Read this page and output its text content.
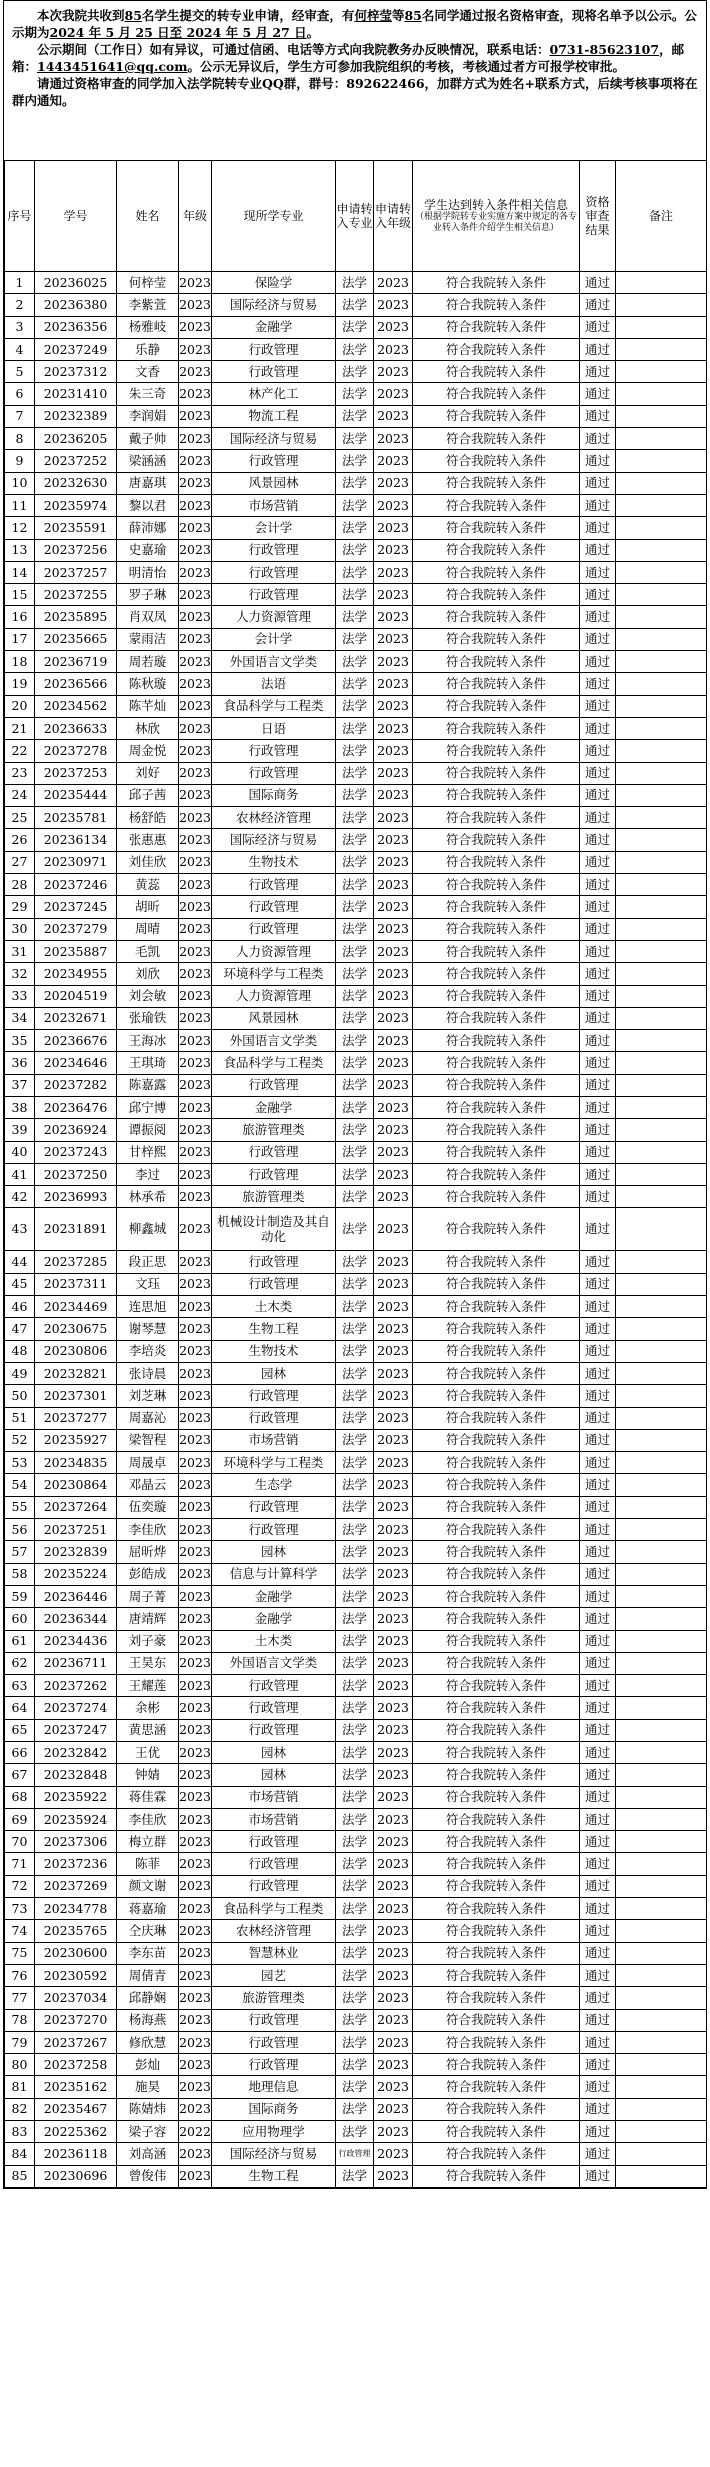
  本次我院共收到85名学生提交的转专业申请，经审查，有何梓莹等85名同学通过报名资格审查，现将名单予以公示。公示期为2024 年 5 月 25 日至 2024 年 5 月 27 日。

  公示期间（工作日）如有异议，可通过信函、电话等方式向我院教务办反映情况，联系电话：0731-85623107，邮箱：1443451641@qq.com。公示无异议后，学生方可参加我院组织的考核，考核通过者方可报学校审批。

  请通过资格审查的同学加入法学院转专业QQ群，群号：892622466，加群方式为姓名+联系方式，后续考核事项将在群内通知。

序号	学号	姓名	年级	现所学专业	申请转入专业	申请转入年级	学生达到转入条件相关信息
（根据学院转专业实施方案中规定的各专业转入条件介绍学生相关信息）	资格审查结果	备注
1	20236025	何梓莹	2023	保险学	法学	2023	符合我院转入条件	通过	
2	20236380	李紫萱	2023	国际经济与贸易	法学	2023	符合我院转入条件	通过	
3	20236356	杨雅岐	2023	金融学	法学	2023	符合我院转入条件	通过	
4	20237249	乐静	2023	行政管理	法学	2023	符合我院转入条件	通过	
5	20237312	文香	2023	行政管理	法学	2023	符合我院转入条件	通过	
6	20231410	朱三奇	2023	林产化工	法学	2023	符合我院转入条件	通过	
7	20232389	李润娟	2023	物流工程	法学	2023	符合我院转入条件	通过	
8	20236205	戴子帅	2023	国际经济与贸易	法学	2023	符合我院转入条件	通过	
9	20237252	梁涵涵	2023	行政管理	法学	2023	符合我院转入条件	通过	
10	20232630	唐嘉琪	2023	风景园林	法学	2023	符合我院转入条件	通过	
11	20235974	黎以君	2023	市场营销	法学	2023	符合我院转入条件	通过	
12	20235591	薛沛娜	2023	会计学	法学	2023	符合我院转入条件	通过	
13	20237256	史嘉瑜	2023	行政管理	法学	2023	符合我院转入条件	通过	
14	20237257	明清怡	2023	行政管理	法学	2023	符合我院转入条件	通过	
15	20237255	罗子琳	2023	行政管理	法学	2023	符合我院转入条件	通过	
16	20235895	肖双凤	2023	人力资源管理	法学	2023	符合我院转入条件	通过	
17	20235665	蒙雨洁	2023	会计学	法学	2023	符合我院转入条件	通过	
18	20236719	周若璇	2023	外国语言文学类	法学	2023	符合我院转入条件	通过	
19	20236566	陈秋璇	2023	法语	法学	2023	符合我院转入条件	通过	
20	20234562	陈芊灿	2023	食品科学与工程类	法学	2023	符合我院转入条件	通过	
21	20236633	林欣	2023	日语	法学	2023	符合我院转入条件	通过	
22	20237278	周金悦	2023	行政管理	法学	2023	符合我院转入条件	通过	
23	20237253	刘好	2023	行政管理	法学	2023	符合我院转入条件	通过	
24	20235444	邱子茜	2023	国际商务	法学	2023	符合我院转入条件	通过	
25	20235781	杨舒皓	2023	农林经济管理	法学	2023	符合我院转入条件	通过	
26	20236134	张惠惠	2023	国际经济与贸易	法学	2023	符合我院转入条件	通过	
27	20230971	刘佳欣	2023	生物技术	法学	2023	符合我院转入条件	通过	
28	20237246	黄蕊	2023	行政管理	法学	2023	符合我院转入条件	通过	
29	20237245	胡昕	2023	行政管理	法学	2023	符合我院转入条件	通过	
30	20237279	周晴	2023	行政管理	法学	2023	符合我院转入条件	通过	
31	20235887	毛凯	2023	人力资源管理	法学	2023	符合我院转入条件	通过	
32	20234955	刘欣	2023	环境科学与工程类	法学	2023	符合我院转入条件	通过	
33	20204519	刘会敏	2023	人力资源管理	法学	2023	符合我院转入条件	通过	
34	20232671	张瑜铁	2023	风景园林	法学	2023	符合我院转入条件	通过	
35	20236676	王海冰	2023	外国语言文学类	法学	2023	符合我院转入条件	通过	
36	20234646	王琪琦	2023	食品科学与工程类	法学	2023	符合我院转入条件	通过	
37	20237282	陈嘉露	2023	行政管理	法学	2023	符合我院转入条件	通过	
38	20236476	邱宁博	2023	金融学	法学	2023	符合我院转入条件	通过	
39	20236924	谭振阅	2023	旅游管理类	法学	2023	符合我院转入条件	通过	
40	20237243	甘梓熙	2023	行政管理	法学	2023	符合我院转入条件	通过	
41	20237250	李过	2023	行政管理	法学	2023	符合我院转入条件	通过	
42	20236993	林承希	2023	旅游管理类	法学	2023	符合我院转入条件	通过	
43	20231891	柳鑫城	2023	机械设计制造及其自动化	法学	2023	符合我院转入条件	通过	
44	20237285	段正思	2023	行政管理	法学	2023	符合我院转入条件	通过	
45	20237311	文珏	2023	行政管理	法学	2023	符合我院转入条件	通过	
46	20234469	连思旭	2023	土木类	法学	2023	符合我院转入条件	通过	
47	20230675	谢琴慧	2023	生物工程	法学	2023	符合我院转入条件	通过	
48	20230806	李培炎	2023	生物技术	法学	2023	符合我院转入条件	通过	
49	20232821	张诗晨	2023	园林	法学	2023	符合我院转入条件	通过	
50	20237301	刘芝琳	2023	行政管理	法学	2023	符合我院转入条件	通过	
51	20237277	周嘉沁	2023	行政管理	法学	2023	符合我院转入条件	通过	
52	20235927	梁智程	2023	市场营销	法学	2023	符合我院转入条件	通过	
53	20234835	周晟卓	2023	环境科学与工程类	法学	2023	符合我院转入条件	通过	
54	20230864	邓晶云	2023	生态学	法学	2023	符合我院转入条件	通过	
55	20237264	伍奕璇	2023	行政管理	法学	2023	符合我院转入条件	通过	
56	20237251	李佳欣	2023	行政管理	法学	2023	符合我院转入条件	通过	
57	20232839	屈昕烨	2023	园林	法学	2023	符合我院转入条件	通过	
58	20235224	彭皓成	2023	信息与计算科学	法学	2023	符合我院转入条件	通过	
59	20236446	周子菁	2023	金融学	法学	2023	符合我院转入条件	通过	
60	20236344	唐靖辉	2023	金融学	法学	2023	符合我院转入条件	通过	
61	20234436	刘子豪	2023	土木类	法学	2023	符合我院转入条件	通过	
62	20236711	王昊东	2023	外国语言文学类	法学	2023	符合我院转入条件	通过	
63	20237262	王耀莲	2023	行政管理	法学	2023	符合我院转入条件	通过	
64	20237274	余彬	2023	行政管理	法学	2023	符合我院转入条件	通过	
65	20237247	黄思涵	2023	行政管理	法学	2023	符合我院转入条件	通过	
66	20232842	王优	2023	园林	法学	2023	符合我院转入条件	通过	
67	20232848	钟婧	2023	园林	法学	2023	符合我院转入条件	通过	
68	20235922	蒋佳霖	2023	市场营销	法学	2023	符合我院转入条件	通过	
69	20235924	李佳欣	2023	市场营销	法学	2023	符合我院转入条件	通过	
70	20237306	梅立群	2023	行政管理	法学	2023	符合我院转入条件	通过	
71	20237236	陈菲	2023	行政管理	法学	2023	符合我院转入条件	通过	
72	20237269	颜文谢	2023	行政管理	法学	2023	符合我院转入条件	通过	
73	20234778	蒋嘉瑜	2023	食品科学与工程类	法学	2023	符合我院转入条件	通过	
74	20235765	仝庆琳	2023	农林经济管理	法学	2023	符合我院转入条件	通过	
75	20230600	李东苗	2023	智慧林业	法学	2023	符合我院转入条件	通过	
76	20230592	周倩青	2023	园艺	法学	2023	符合我院转入条件	通过	
77	20237034	邱静娴	2023	旅游管理类	法学	2023	符合我院转入条件	通过	
78	20237270	杨海燕	2023	行政管理	法学	2023	符合我院转入条件	通过	
79	20237267	修欣慧	2023	行政管理	法学	2023	符合我院转入条件	通过	
80	20237258	彭灿	2023	行政管理	法学	2023	符合我院转入条件	通过	
81	20235162	施昊	2023	地理信息	法学	2023	符合我院转入条件	通过	
82	20235467	陈婧炜	2023	国际商务	法学	2023	符合我院转入条件	通过	
83	20225362	梁子容	2022	应用物理学	法学	2023	符合我院转入条件	通过	
84	20236118	刘高涵	2023	国际经济与贸易	行政管理	2023	符合我院转入条件	通过	
85	20230696	曾俊伟	2023	生物工程	法学	2023	符合我院转入条件	通过	
